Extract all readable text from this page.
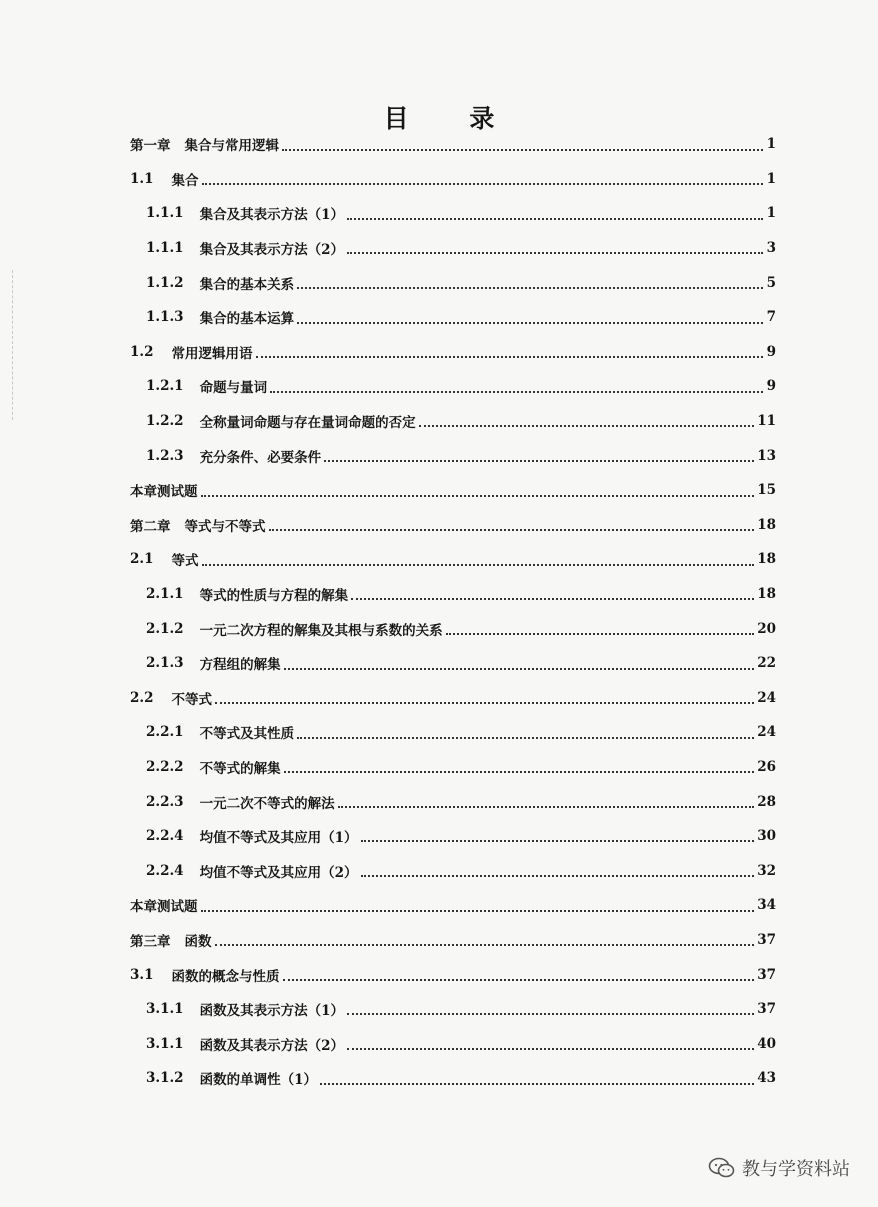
目 录
第一章 集合与常用逻辑	1
1.1 集合	1
1.1.1 集合及其表示方法（1）	1
1.1.1 集合及其表示方法（2）	3
1.1.2 集合的基本关系	5
1.1.3 集合的基本运算	7
1.2 常用逻辑用语	9
1.2.1 命题与量词	9
1.2.2 全称量词命题与存在量词命题的否定	11
1.2.3 充分条件、必要条件	13
本章测试题	15
第二章 等式与不等式	18
2.1 等式	18
2.1.1 等式的性质与方程的解集	18
2.1.2 一元二次方程的解集及其根与系数的关系	20
2.1.3 方程组的解集	22
2.2 不等式	24
2.2.1 不等式及其性质	24
2.2.2 不等式的解集	26
2.2.3 一元二次不等式的解法	28
2.2.4 均值不等式及其应用（1）	30
2.2.4 均值不等式及其应用（2）	32
本章测试题	34
第三章 函数	37
3.1 函数的概念与性质	37
3.1.1 函数及其表示方法（1）	37
3.1.1 函数及其表示方法（2）	40
3.1.2 函数的单调性（1）	43
教与学资料站
